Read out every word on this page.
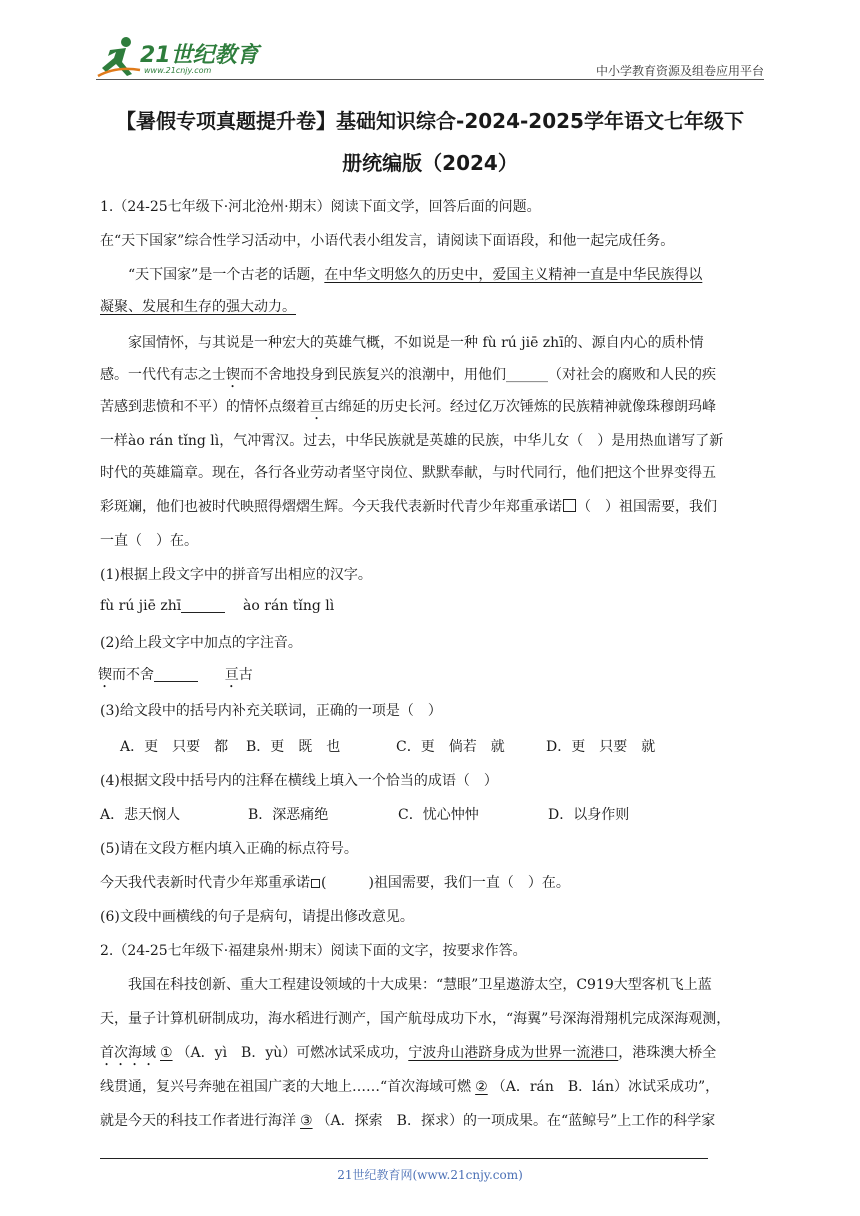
21世纪教育
www.21cnjy.com	中小学教育资源及组卷应用平台
【暑假专项真题提升卷】基础知识综合-2024-2025学年语文七年级下
册统编版（2024）
1.（24-25七年级下·河北沧州·期末）阅读下面文学，回答后面的问题。
在“天下国家”综合性学习活动中，小语代表小组发言，请阅读下面语段，和他一起完成任务。
“天下国家”是一个古老的话题，在中华文明悠久的历史中，爱国主义精神一直是中华民族得以
凝聚、发展和生存的强大动力。
家国情怀，与其说是一种宏大的英雄气概，不如说是一种 fù rú jiē zhī的、源自内心的质朴情
感。一代代有志之士锲而不舍地投身到民族复兴的浪潮中，用他们______（对社会的腐败和人民的疾
苦感到悲愤和不平）的情怀点缀着亘古绵延的历史长河。经过亿万次锤炼的民族精神就像珠穆朗玛峰
一样ào rán tǐng lì，气冲霄汉。过去，中华民族就是英雄的民族，中华儿女（　）是用热血谱写了新
时代的英雄篇章。现在，各行各业劳动者坚守岗位、默默奉献，与时代同行，他们把这个世界变得五
彩斑斓，他们也被时代映照得熠熠生辉。今天我代表新时代青少年郑重承诺 （　）祖国需要，我们
一直（　）在。
(1)根据上段文字中的拼音写出相应的汉字。
fù rú jiē zhī	ào rán tǐng lì
(2)给上段文字中加点的字注音。
锲而不舍	亘古
(3)给文段中的括号内补充关联词，正确的一项是（　）
A．更　只要　都 B．更　既　也	C．更　倘若　就	D．更　只要　就
(4)根据文段中括号内的注释在横线上填入一个恰当的成语（　）
A．悲天悯人	B．深恶痛绝	C．忧心忡忡	D．以身作则
(5)请在文段方框内填入正确的标点符号。
今天我代表新时代青少年郑重承诺 (　　　)祖国需要，我们一直（　）在。
(6)文段中画横线的句子是病句，请提出修改意见。
2.（24-25七年级下·福建泉州·期末）阅读下面的文字，按要求作答。
我国在科技创新、重大工程建设领域的十大成果：“慧眼”卫星遨游太空，C919大型客机飞上蓝
天，量子计算机研制成功，海水稻进行测产，国产航母成功下水，“海翼”号深海滑翔机完成深海观测，
首次海域 ① （A．yì　B．yù）可燃冰试采成功，宁波舟山港跻身成为世界一流港口，港珠澳大桥全
线贯通，复兴号奔驰在祖国广袤的大地上……“首次海域可燃 ② （A．rán　B．lán）冰试采成功”，
就是今天的科技工作者进行海洋 ③ （A．探索　B．探求）的一项成果。在“蓝鲸号”上工作的科学家
21世纪教育网(www.21cnjy.com)
